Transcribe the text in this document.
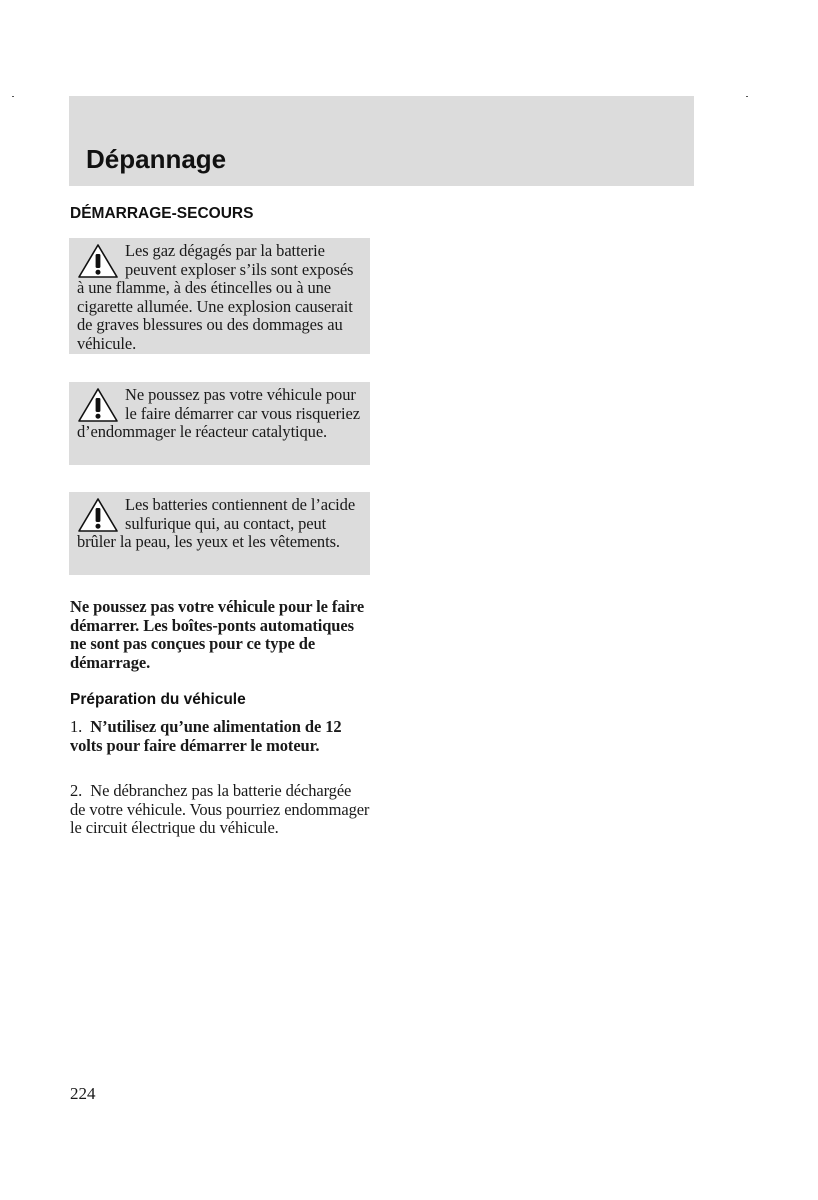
Dépannage
DÉMARRAGE-SECOURS

Les gaz dégagés par la batterie peuvent exploser s’ils sont exposés à une flamme, à des étincelles ou à une cigarette allumée. Une explosion causerait de graves blessures ou des dommages au véhicule.

Ne poussez pas votre véhicule pour le faire démarrer car vous risqueriez d’endommager le réacteur catalytique.

Les batteries contiennent de l’acide sulfurique qui, au contact, peut brûler la peau, les yeux et les vêtements.

Ne poussez pas votre véhicule pour le faire démarrer. Les boîtes-ponts automatiques ne sont pas conçues pour ce type de démarrage.

Préparation du véhicule

1. N’utilisez qu’une alimentation de 12 volts pour faire démarrer le moteur.

2. Ne débranchez pas la batterie déchargée de votre véhicule. Vous pourriez endommager le circuit électrique du véhicule.

224
